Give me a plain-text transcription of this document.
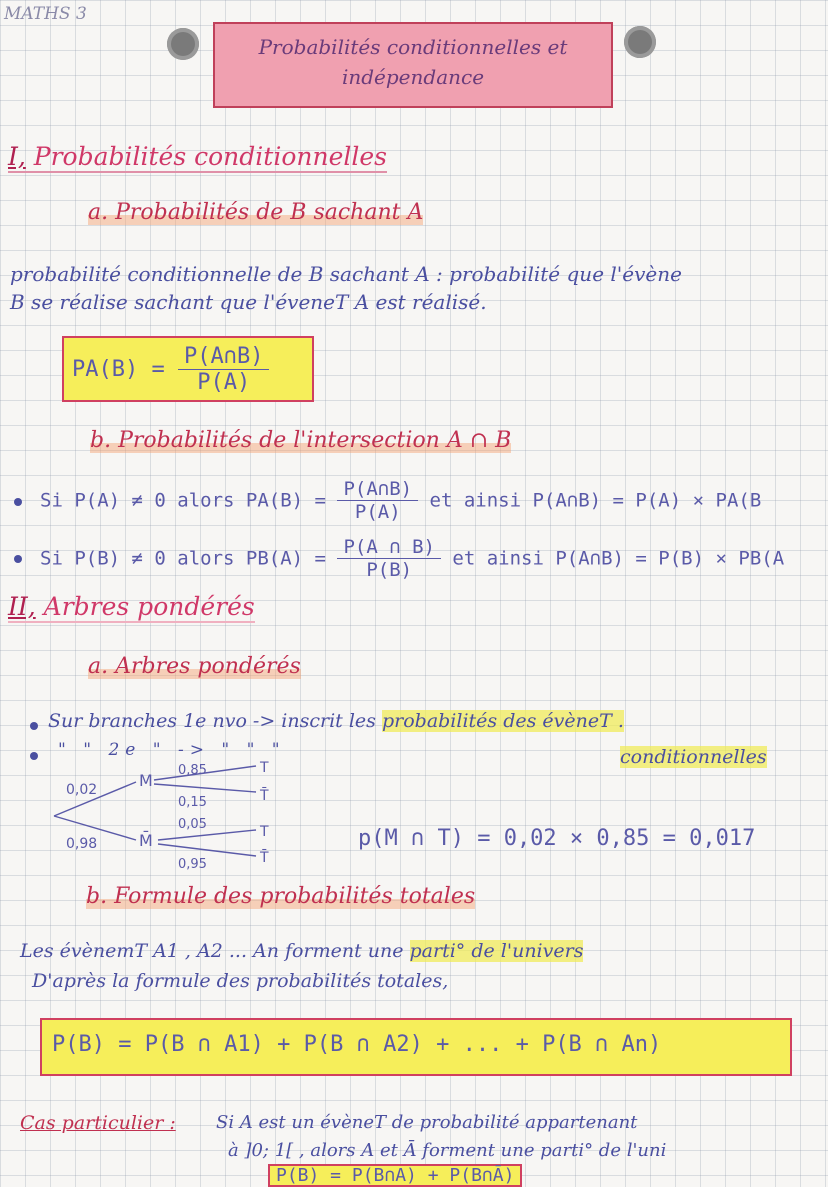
MATHS 3
Probabilités conditionnelles et
indépendance
I, Probabilités conditionnelles
a. Probabilités de B sachant A
probabilité conditionnelle de B sachant A : probabilité que l'évène
B se réalise sachant que l'éveneT A est réalisé.
$PA(B) = \frac{P(A\cap B)}{P(A)}$
b. Probabilités de l'intersection A ∩ B
Si P(A) ≠ 0 alors $PA(B) = \frac{P(A\cap B)}{P(A)}$ et ainsi P(A∩B) = P(A) × PA(B
Si P(B) ≠ 0 alors $PB(A) = \frac{P(A \cap B)}{P(B)}$ et ainsi P(A∩B) = P(B) × PB(A
II, Arbres pondérés
a. Arbres pondérés
Sur branches 1e nvo -> inscrit les probabilités des évèneT .
" " 2e " -> " " "	conditionnelles
0,02
0,98
M
M̄
0,85
0,15
0,05
0,95
T
T̄
T
T̄
p(M ∩ T) = 0,02 × 0,85 = 0,017
b. Formule des probabilités totales
Les évènemT A1 , A2 ... An forment une parti° de l'univers
D'après la formule des probabilités totales,
P(B) = P(B ∩ A1) + P(B ∩ A2) + ... + P(B ∩ An)
Cas particulier : Si A est un évèneT de probabilité appartenant
à ]0; 1[ , alors A et Ā forment une parti° de l'uni
P(B) = P(B∩A) + P(B∩Ā)
